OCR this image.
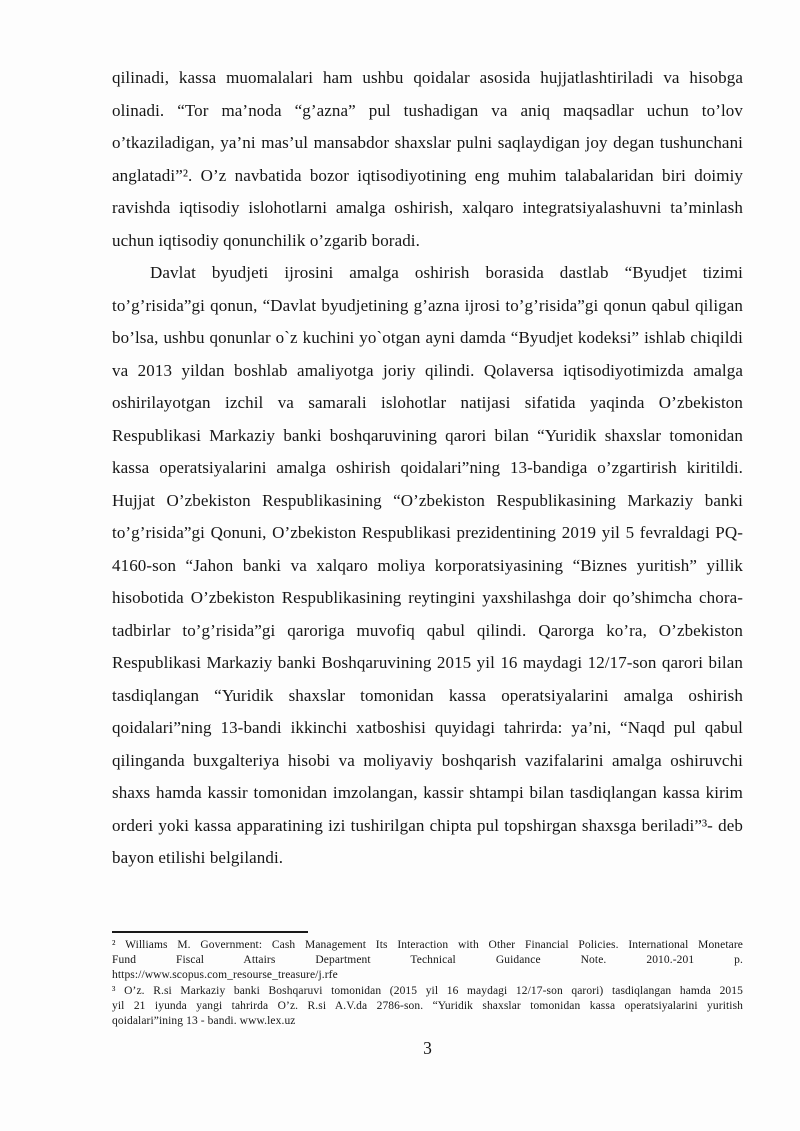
qilinadi, kassa muomalalari ham ushbu qoidalar asosida hujjatlashtiriladi va hisobga olinadi. “Tor ma’noda “g’azna” pul tushadigan va aniq maqsadlar uchun to’lov o’tkaziladigan, ya’ni mas’ul mansabdor shaxslar pulni saqlaydigan joy degan tushunchani anglatadi”². O’z navbatida bozor iqtisodiyotining eng muhim talabalaridan biri doimiy ravishda iqtisodiy islohotlarni amalga oshirish, xalqaro integratsiyalashuvni ta’minlash uchun iqtisodiy qonunchilik o’zgarib boradi.

Davlat byudjeti ijrosini amalga oshirish borasida dastlab “Byudjet tizimi to’g’risida”gi qonun, “Davlat byudjetining g’azna ijrosi to’g’risida”gi qonun qabul qiligan bo’lsa, ushbu qonunlar o`z kuchini yo`otgan ayni damda “Byudjet kodeksi” ishlab chiqildi va 2013 yildan boshlab amaliyotga joriy qilindi. Qolaversa iqtisodiyotimizda amalga oshirilayotgan izchil va samarali islohotlar natijasi sifatida yaqinda O’zbekiston Respublikasi Markaziy banki boshqaruvining qarori bilan “Yuridik shaxslar tomonidan kassa operatsiyalarini amalga oshirish qoidalari”ning 13-bandiga o’zgartirish kiritildi. Hujjat O’zbekiston Respublikasining “O’zbekiston Respublikasining Markaziy banki to’g’risida”gi Qonuni, O’zbekiston Respublikasi prezidentining 2019 yil 5 fevraldagi PQ-4160-son “Jahon banki va xalqaro moliya korporatsiyasining “Biznes yuritish” yillik hisobotida O’zbekiston Respublikasining reytingini yaxshilashga doir qo’shimcha chora-tadbirlar to’g’risida”gi qaroriga muvofiq qabul qilindi. Qarorga ko’ra, O’zbekiston Respublikasi Markaziy banki Boshqaruvining 2015 yil 16 maydagi 12/17-son qarori bilan tasdiqlangan “Yuridik shaxslar tomonidan kassa operatsiyalarini amalga oshirish qoidalari”ning 13-bandi ikkinchi xatboshisi quyidagi tahrirda: ya’ni, “Naqd pul qabul qilinganda buxgalteriya hisobi va moliyaviy boshqarish vazifalarini amalga oshiruvchi shaxs hamda kassir tomonidan imzolangan, kassir shtampi bilan tasdiqlangan kassa kirim orderi yoki kassa apparatining izi tushirilgan chipta pul topshirgan shaxsga beriladi”³- deb bayon etilishi belgilandi.

² Williams M. Government: Cash Management Its Interaction with Other Financial Policies. International Monetare
Fund Fiscal Attairs Department Technical Guidance Note. 2010.-201 p.
https://www.scopus.com_resourse_treasure/j.rfe
³ O’z. R.si Markaziy banki Boshqaruvi tomonidan (2015 yil 16 maydagi 12/17-son qarori) tasdiqlangan hamda 2015
yil 21 iyunda yangi tahrirda O’z. R.si A.V.da 2786-son. “Yuridik shaxslar tomonidan kassa operatsiyalarini yuritish
qoidalari”ining 13 - bandi. www.lex.uz
3
